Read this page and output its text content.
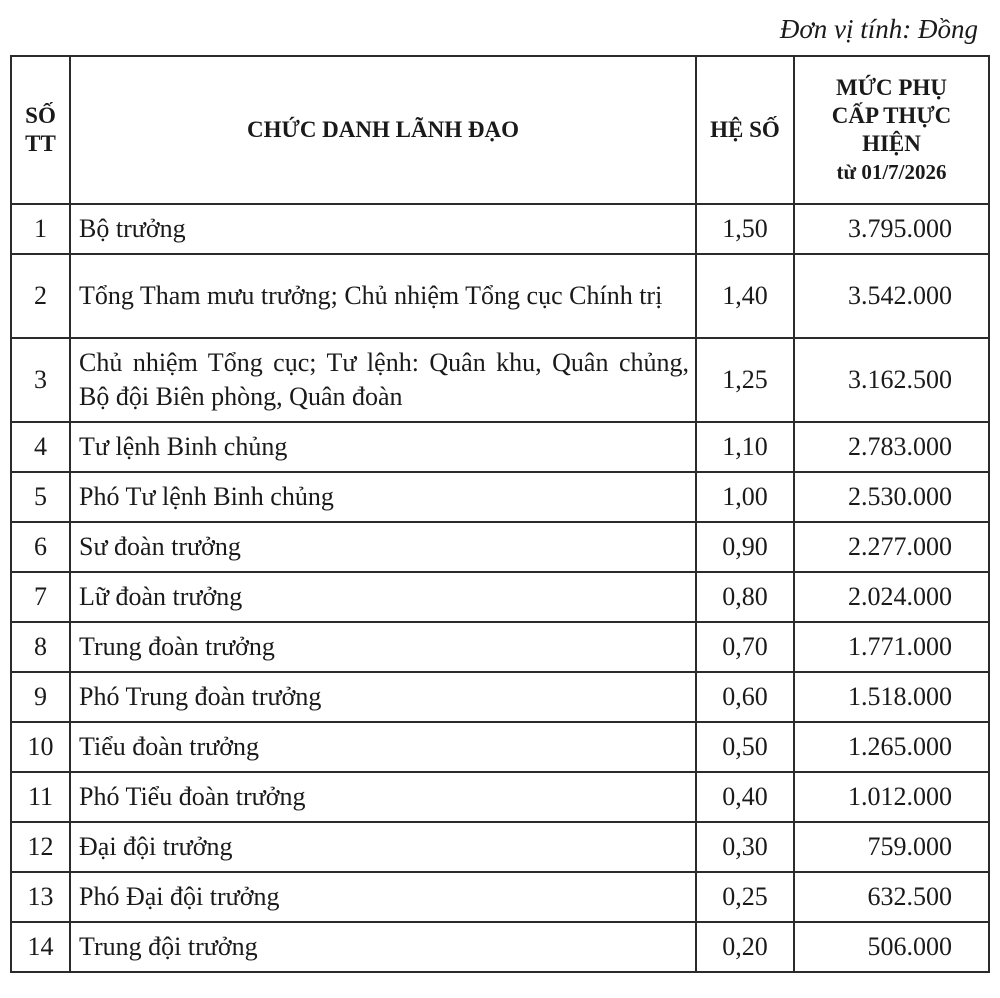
Đơn vị tính: Đồng
SỐ
TT	CHỨC DANH LÃNH ĐẠO	HỆ SỐ	MỨC PHỤ
CẤP THỰC
HIỆN
từ 01/7/2026

1	Bộ trưởng	1,50	3.795.000
2	Tổng Tham mưu trưởng; Chủ nhiệm Tổng cục Chính trị	1,40	3.542.000
3	Chủ nhiệm Tổng cục; Tư lệnh: Quân khu, Quân chủng, Bộ đội Biên phòng, Quân đoàn	1,25	3.162.500
4	Tư lệnh Binh chủng	1,10	2.783.000
5	Phó Tư lệnh Binh chủng	1,00	2.530.000
6	Sư đoàn trưởng	0,90	2.277.000
7	Lữ đoàn trưởng	0,80	2.024.000
8	Trung đoàn trưởng	0,70	1.771.000
9	Phó Trung đoàn trưởng	0,60	1.518.000
10	Tiểu đoàn trưởng	0,50	1.265.000
11	Phó Tiểu đoàn trưởng	0,40	1.012.000
12	Đại đội trưởng	0,30	759.000
13	Phó Đại đội trưởng	0,25	632.500
14	Trung đội trưởng	0,20	506.000
